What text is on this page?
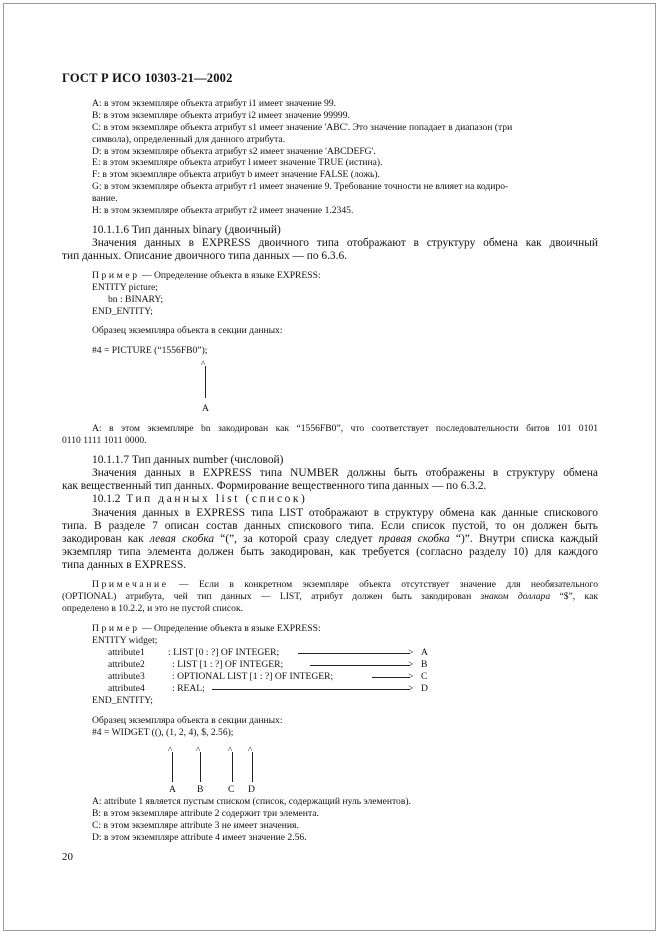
ГОСТ Р ИСО 10303-21—2002
A: в этом экземпляре объекта атрибут i1 имеет значение 99.
B: в этом экземпляре объекта атрибут i2 имеет значение 99999.
C: в этом экземпляре объекта атрибут s1 имеет значение 'ABC'. Это значение попадает в диапазон (три
символа), определенный для данного атрибута.
D: в этом экземпляре объекта атрибут s2 имеет значение 'ABCDEFG'.
E: в этом экземпляре объекта атрибут l имеет значение TRUE (истина).
F: в этом экземпляре объекта атрибут b имеет значение FALSE (ложь).
G: в этом экземпляре объекта атрибут r1 имеет значение 9. Требование точности не влияет на кодиро-
вание.
H: в этом экземпляре объекта атрибут r2 имеет значение 1.2345.
10.1.1.6 Тип данных binary (двоичный)
Значения данных в EXPRESS двоичного типа отображают в структуру обмена как двоичный
тип данных. Описание двоичного типа данных — по 6.3.6.
Пример — Определение объекта в языке EXPRESS:
ENTITY picture;
bn : BINARY;
END_ENTITY;
Образец экземпляра объекта в секции данных:
#4 = PICTURE (“1556FB0”);
^
A
A: в этом экземпляре bn закодирован как “1556FB0”, что соответствует последовательности битов 101 0101
0110 1111 1011 0000.
10.1.1.7 Тип данных number (числовой)
Значения данных в EXPRESS типа NUMBER должны быть отображены в структуру обмена
как вещественный тип данных. Формирование вещественного типа данных — по 6.3.2.
10.1.2 Тип данных list (список)
Значения данных в EXPRESS типа LIST отображают в структуру обмена как данные спискового
типа. В разделе 7 описан состав данных спискового типа. Если список пустой, то он должен быть
закодирован как левая скобка “(”, за которой сразу следует правая скобка “)”. Внутри списка каждый
экземпляр типа элемента должен быть закодирован, как требуется (согласно разделу 10) для каждого
типа данных в EXPRESS.
Примечание — Если в конкретном экземпляре объекта отсутствует значение для необязательного
(OPTIONAL) атрибута, чей тип данных — LIST, атрибут должен быть закодирован знаком доллара “$”, как
определено в 10.2.2, и это не пустой список.
Пример — Определение объекта в языке EXPRESS:
ENTITY widget;
attribute1 : LIST [0 : ?] OF INTEGER;	> A
attribute2	: LIST [1 : ?] OF INTEGER;	> B
attribute3	: OPTIONAL LIST [1 : ?] OF INTEGER;	> C
attribute4	: REAL;	> D
END_ENTITY;
Образец экземпляра объекта в секции данных:
#4 = WIDGET ((), (1, 2, 4), $, 2.56);
^	^	^ ^
A B	C D
A: attribute 1 является пустым списком (список, содержащий нуль элементов).
B: в этом экземпляре attribute 2 содержит три элемента.
C: в этом экземпляре attribute 3 не имеет значения.
D: в этом экземпляре attribute 4 имеет значение 2.56.
20
